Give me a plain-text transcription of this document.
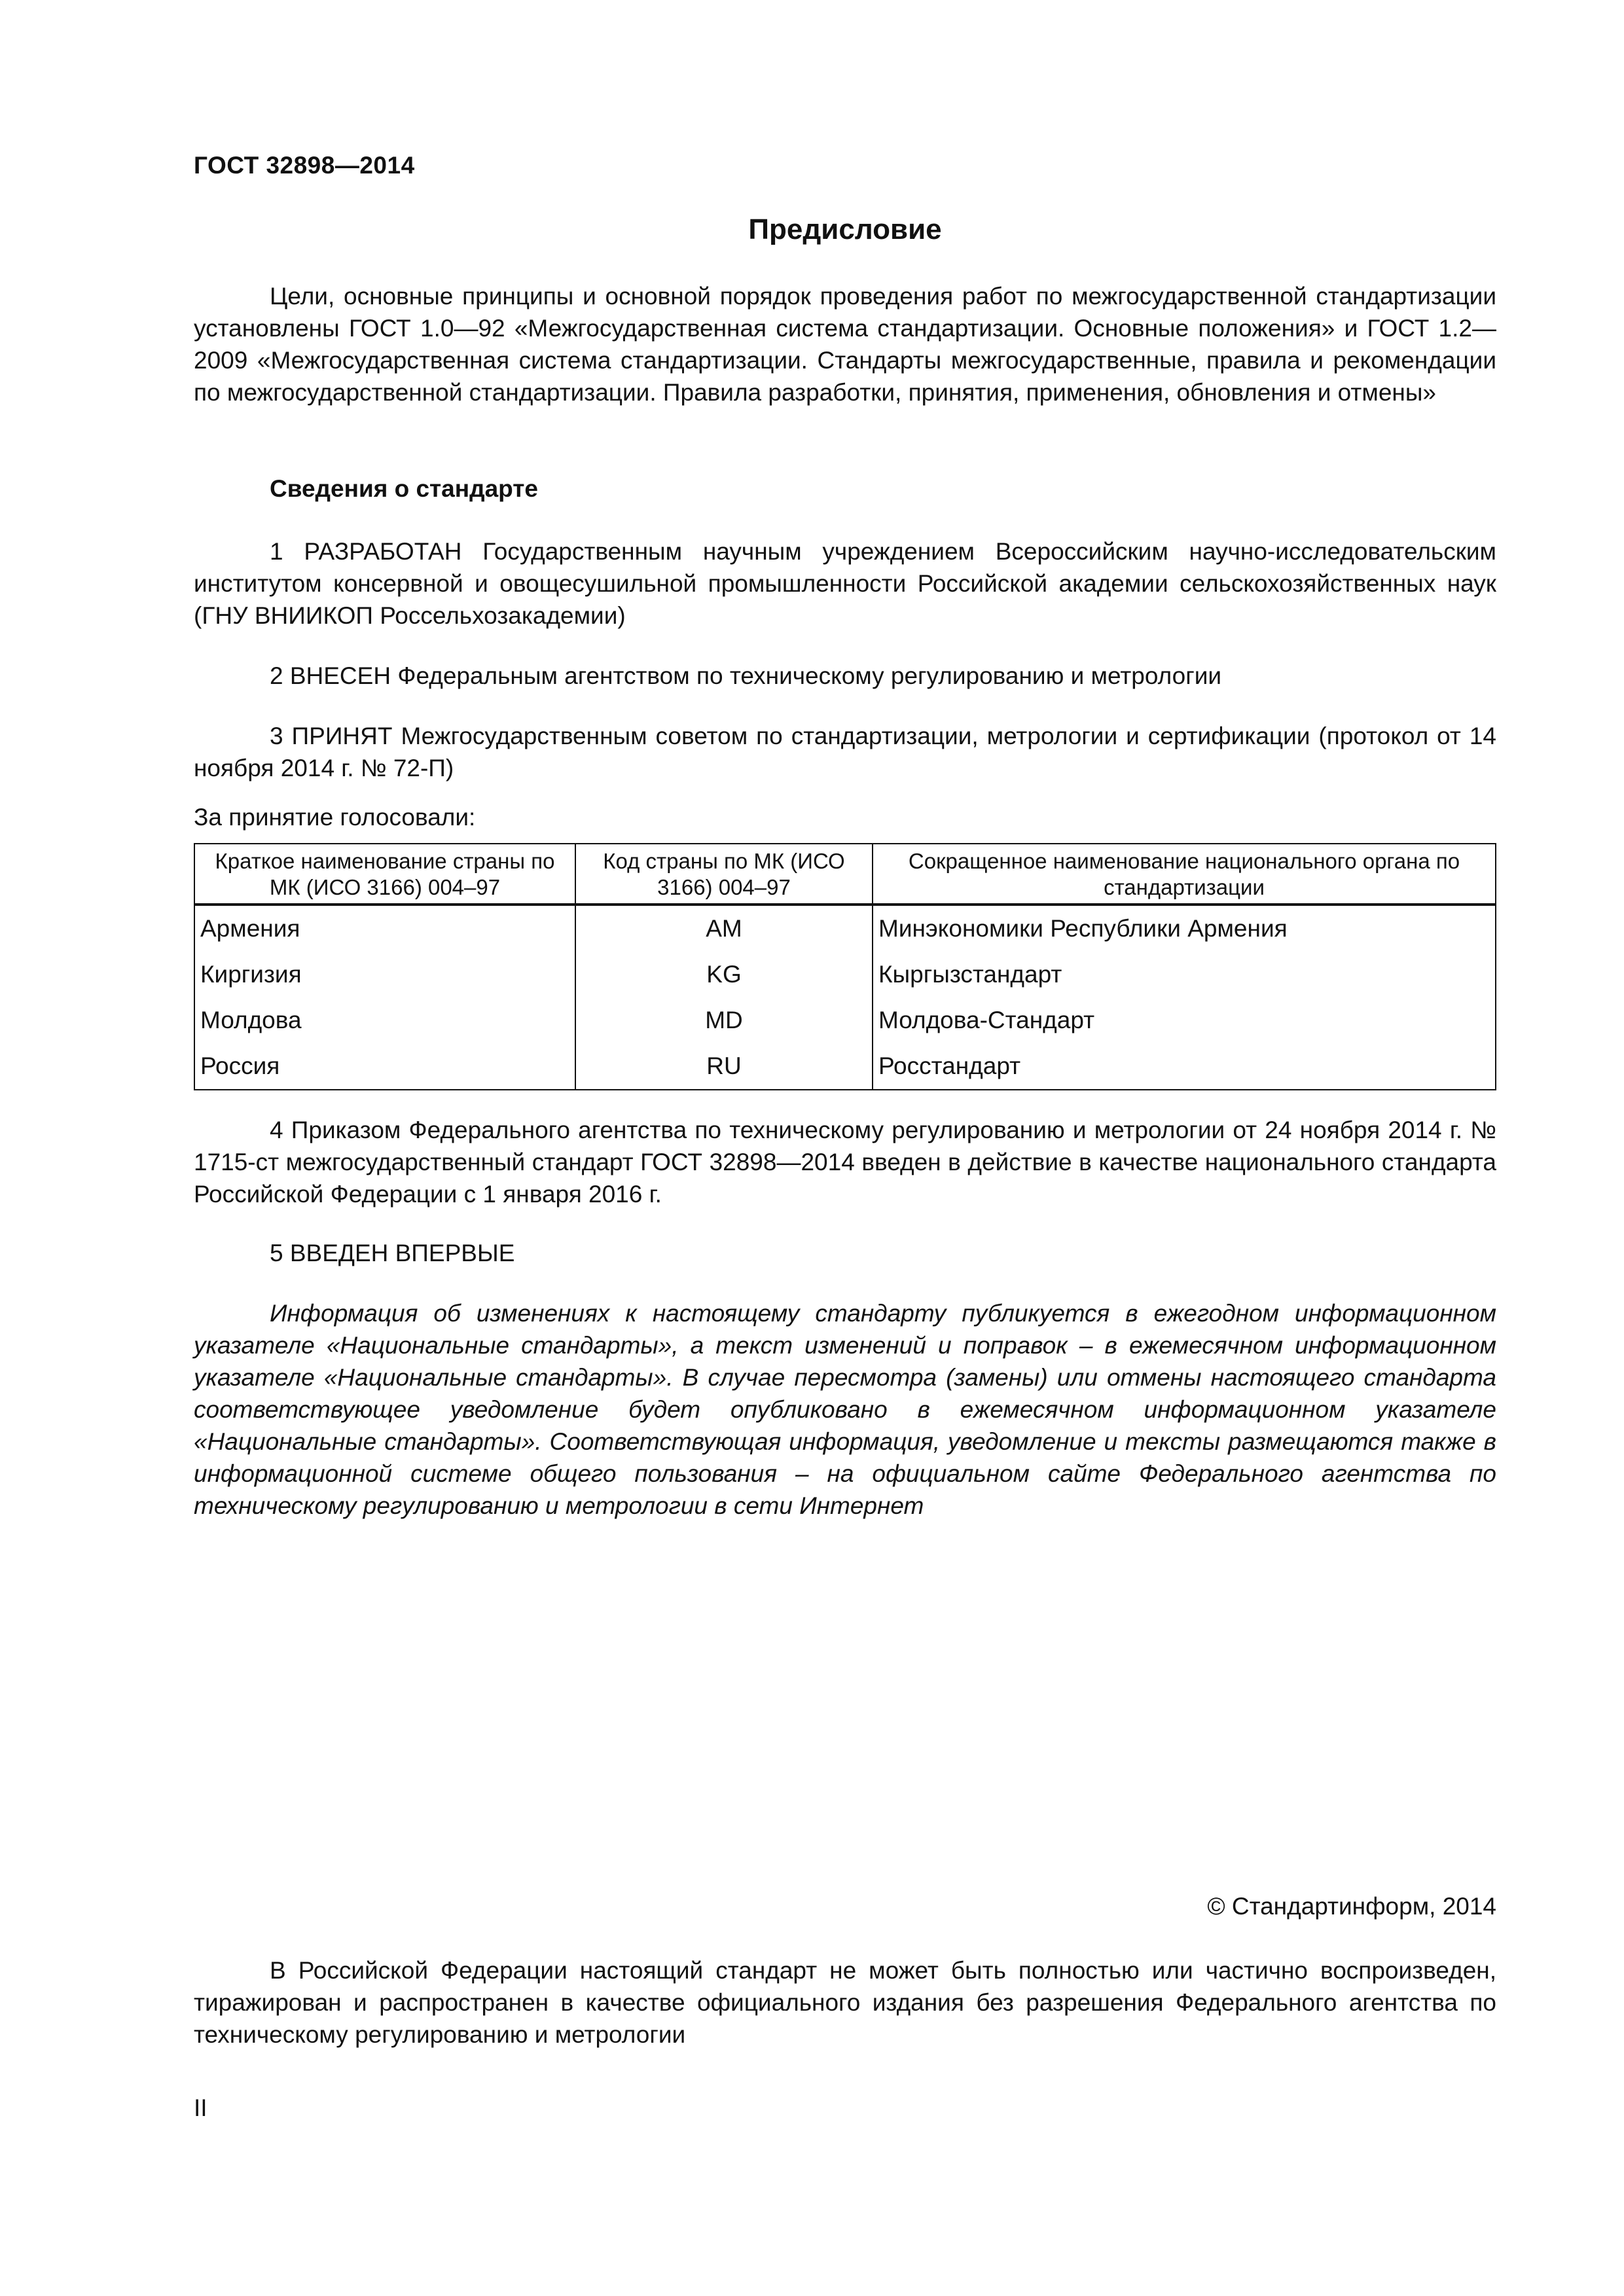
ГОСТ 32898—2014
Предисловие

Цели, основные принципы и основной порядок проведения работ по межгосударственной стандартизации установлены ГОСТ 1.0—92 «Межгосударственная система стандартизации. Основные положения» и ГОСТ 1.2—2009 «Межгосударственная система стандартизации. Стандарты межгосударственные, правила и рекомендации по межгосударственной стандартизации. Правила разработки, принятия, применения, обновления и отмены»

Сведения о стандарте

1 РАЗРАБОТАН Государственным научным учреждением Всероссийским научно-исследовательским институтом консервной и овощесушильной промышленности Российской академии сельскохозяйственных наук (ГНУ ВНИИКОП Россельхозакадемии)

2 ВНЕСЕН Федеральным агентством по техническому регулированию и метрологии

3 ПРИНЯТ Межгосударственным советом по стандартизации, метрологии и сертификации (протокол от 14 ноября 2014 г. № 72-П)

За принятие голосовали:

Краткое наименование страны по МК (ИСО 3166) 004–97	Код страны по МК (ИСО 3166) 004–97	Сокращенное наименование национального органа по стандартизации
Армения	AM	Минэкономики Республики Армения
Киргизия	KG	Кыргызстандарт
Молдова	MD	Молдова-Стандарт
Россия	RU	Росстандарт

4 Приказом Федерального агентства по техническому регулированию и метрологии от 24 ноября 2014 г. № 1715-ст межгосударственный стандарт ГОСТ 32898—2014 введен в действие в качестве национального стандарта Российской Федерации с 1 января 2016 г.

5 ВВЕДЕН ВПЕРВЫЕ

Информация об изменениях к настоящему стандарту публикуется в ежегодном информационном указателе «Национальные стандарты», а текст изменений и поправок – в ежемесячном информационном указателе «Национальные стандарты». В случае пересмотра (замены) или отмены настоящего стандарта соответствующее уведомление будет опубликовано в ежемесячном информационном указателе «Национальные стандарты». Соответствующая информация, уведомление и тексты размещаются также в информационной системе общего пользования – на официальном сайте Федерального агентства по техническому регулированию и метрологии в сети Интернет

© Стандартинформ, 2014

В Российской Федерации настоящий стандарт не может быть полностью или частично воспроизведен, тиражирован и распространен в качестве официального издания без разрешения Федерального агентства по техническому регулированию и метрологии

II
